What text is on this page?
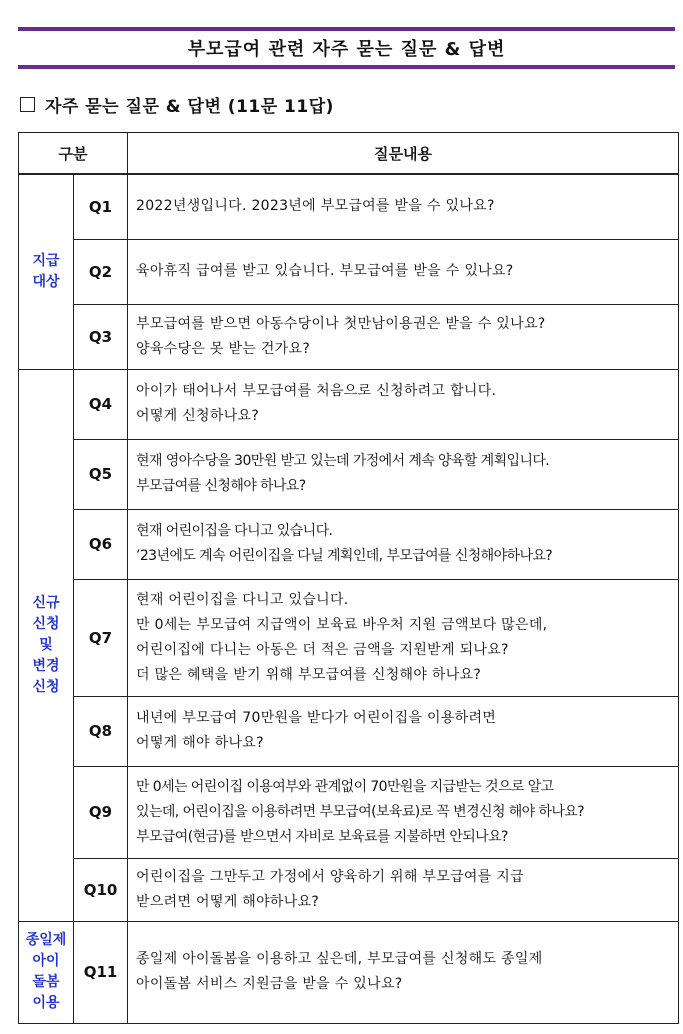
부모급여 관련 자주 묻는 질문 & 답변
자주 묻는 질문 & 답변 (11문 11답)
구분		질문내용

지급
대상	Q1	2022년생입니다. 2023년에 부모급여를 받을 수 있나요?

	Q2	육아휴직 급여를 받고 있습니다. 부모급여를 받을 수 있나요?

	Q3	부모급여를 받으면 아동수당이나 첫만남이용권은 받을 수 있나요?
양육수당은 못 받는 건가요?

신규
신청
및
변경
신청	Q4	아이가 태어나서 부모급여를 처음으로 신청하려고 합니다.
어떻게 신청하나요?

	Q5	현재 영아수당을 30만원 받고 있는데 가정에서 계속 양육할 계획입니다.
부모급여를 신청해야 하나요?

	Q6	현재 어린이집을 다니고 있습니다.
’23년에도 계속 어린이집을 다닐 계획인데, 부모급여를 신청해야하나요?

	Q7	현재 어린이집을 다니고 있습니다.
만 0세는 부모급여 지급액이 보육료 바우처 지원 금액보다 많은데,
어린이집에 다니는 아동은 더 적은 금액을 지원받게 되나요?
더 많은 혜택을 받기 위해 부모급여를 신청해야 하나요?

	Q8	내년에 부모급여 70만원을 받다가 어린이집을 이용하려면
어떻게 해야 하나요?

	Q9	만 0세는 어린이집 이용여부와 관계없이 70만원을 지급받는 것으로 알고
있는데, 어린이집을 이용하려면 부모급여(보육료)로 꼭 변경신청 해야 하나요?
부모급여(현금)를 받으면서 자비로 보육료를 지불하면 안되나요?

	Q10	어린이집을 그만두고 가정에서 양육하기 위해 부모급여를 지급
받으려면 어떻게 해야하나요?

종일제
아이
돌봄
이용	Q11	종일제 아이돌봄을 이용하고 싶은데, 부모급여를 신청해도 종일제
아이돌봄 서비스 지원금을 받을 수 있나요?
